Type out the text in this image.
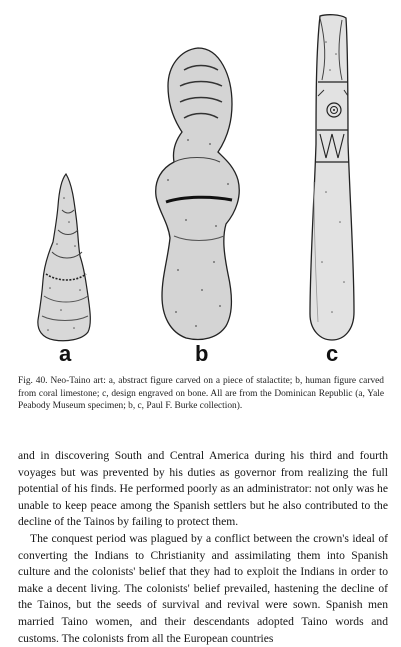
a	b	c
Fig. 40. Neo-Taino art: a, abstract figure carved on a piece of stalactite; b, human figure carved from coral limestone; c, design engraved on bone. All are from the Dominican Republic (a, Yale Peabody Museum specimen; b, c, Paul F. Burke collection).

and in discovering South and Central America during his third and fourth voyages but was prevented by his duties as governor from realizing the full potential of his finds. He performed poorly as an administrator: not only was he unable to keep peace among the Spanish settlers but he also contributed to the decline of the Tainos by failing to protect them.

The conquest period was plagued by a conflict between the crown's ideal of converting the Indians to Christianity and assimilating them into Spanish culture and the colonists' belief that they had to exploit the Indians in order to make a decent living. The colonists' belief prevailed, hastening the decline of the Tainos, but the seeds of survival and revival were sown. Spanish men married Taino women, and their descendants adopted Taino words and customs. The colonists from all the European countries
